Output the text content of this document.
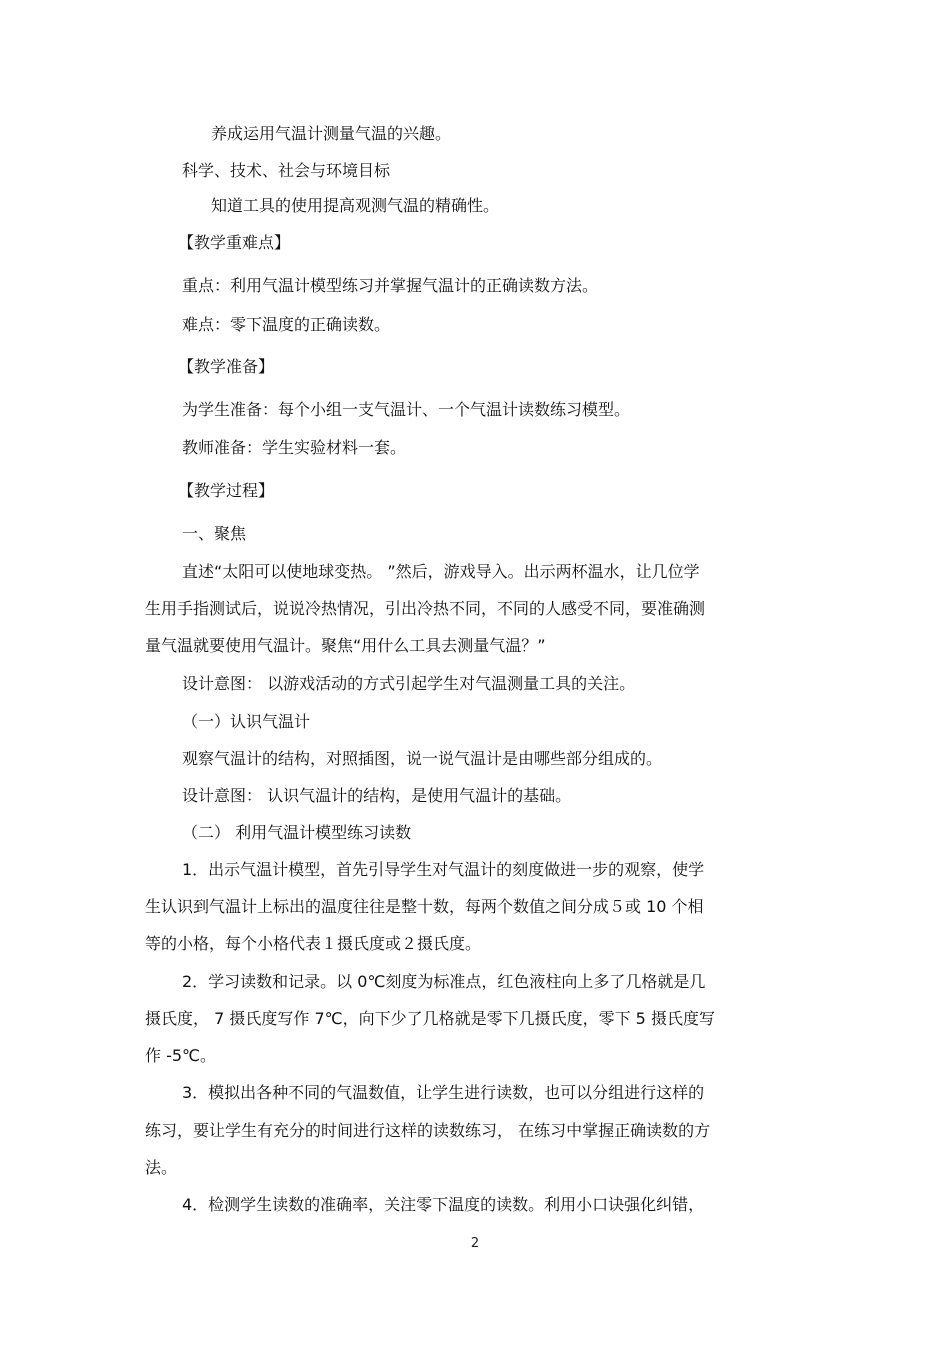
养成运用气温计测量气温的兴趣。
科学、技术、社会与环境目标
知道工具的使用提高观测气温的精确性。
【教学重难点】
重点：利用气温计模型练习并掌握气温计的正确读数方法。
难点：零下温度的正确读数。
【教学准备】
为学生准备：每个小组一支气温计、一个气温计读数练习模型。
教师准备：学生实验材料一套。
【教学过程】
一、聚焦
直述“太阳可以使地球变热。 ”然后，游戏导入。出示两杯温水，让几位学
生用手指测试后，说说冷热情况，引出冷热不同，不同的人感受不同，要准确测
量气温就要使用气温计。聚焦“用什么工具去测量气温？”
设计意图： 以游戏活动的方式引起学生对气温测量工具的关注。
（一）认识气温计
观察气温计的结构，对照插图，说一说气温计是由哪些部分组成的。
设计意图： 认识气温计的结构，是使用气温计的基础。
（二） 利用气温计模型练习读数
1．出示气温计模型，首先引导学生对气温计的刻度做进一步的观察，使学
生认识到气温计上标出的温度往往是整十数，每两个数值之间分成５或 10 个相
等的小格，每个小格代表１摄氏度或２摄氏度。
2．学习读数和记录。以 0℃刻度为标准点，红色液柱向上多了几格就是几
摄氏度， 7 摄氏度写作 7℃，向下少了几格就是零下几摄氏度，零下 5 摄氏度写
作 -5℃。
3．模拟出各种不同的气温数值，让学生进行读数，也可以分组进行这样的
练习，要让学生有充分的时间进行这样的读数练习， 在练习中掌握正确读数的方
法。
4．检测学生读数的准确率，关注零下温度的读数。利用小口诀强化纠错，
2
